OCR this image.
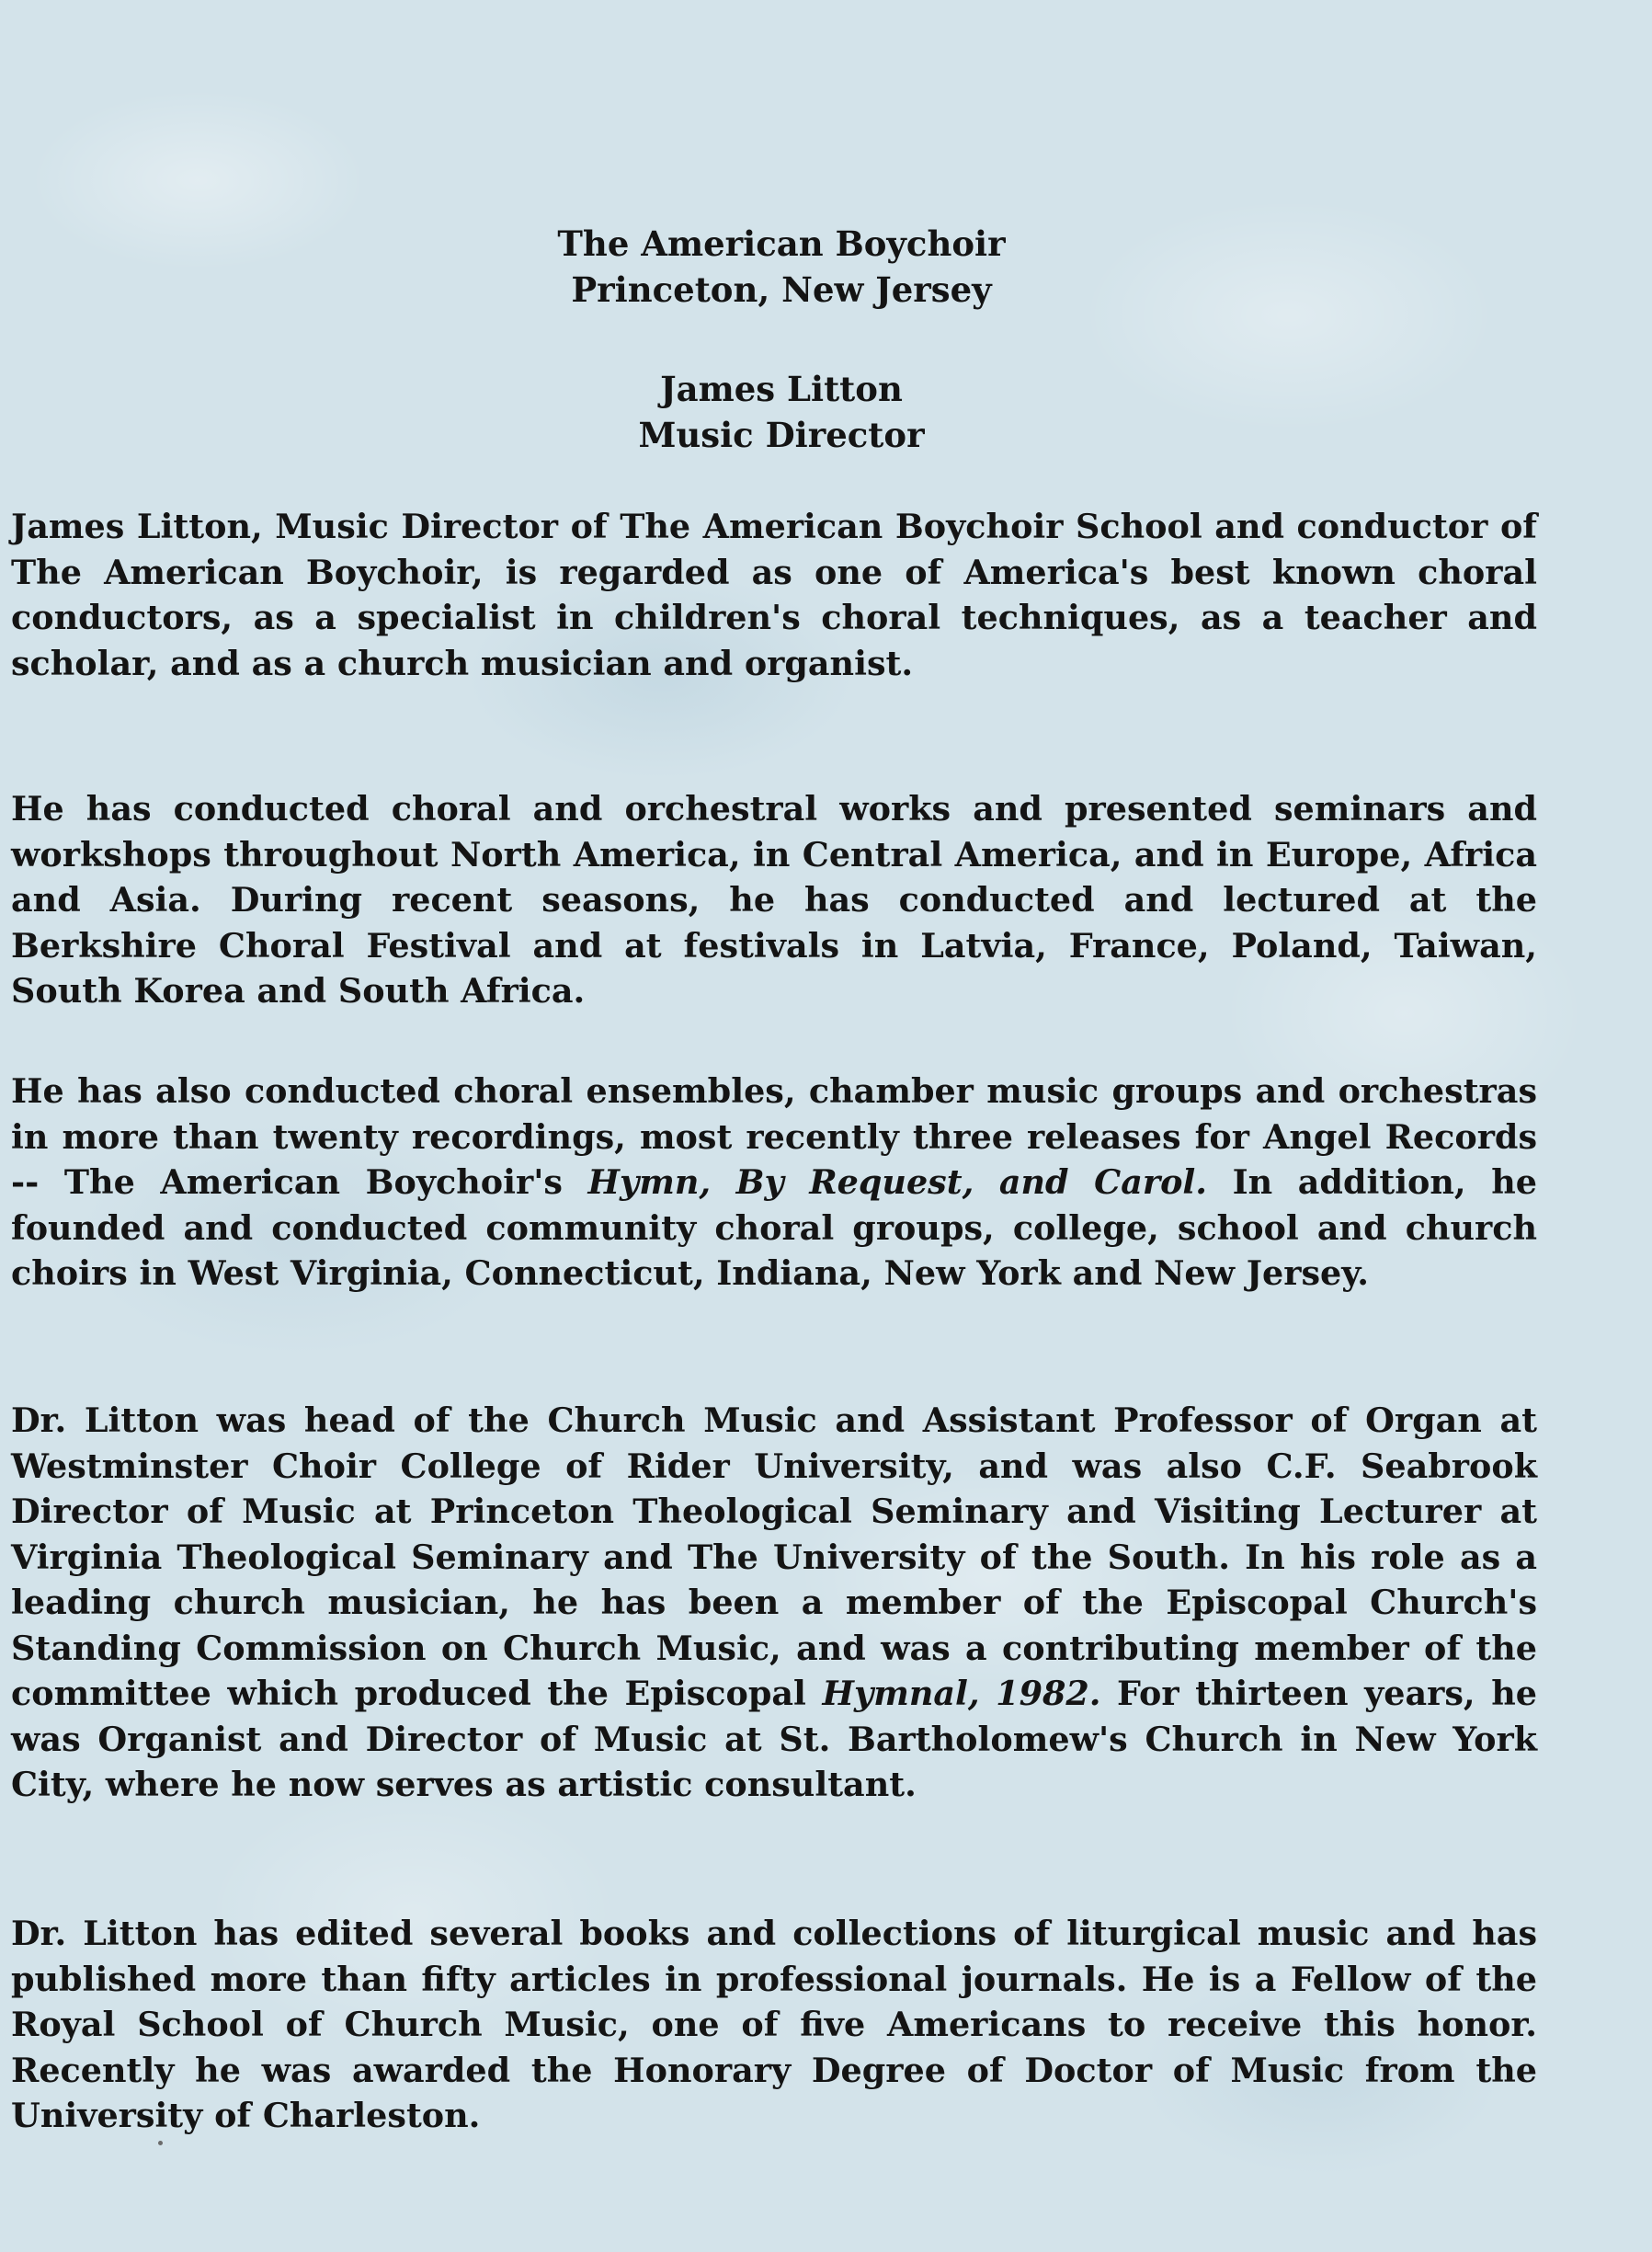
The American Boychoir
Princeton, New Jersey
James Litton
Music Director

James Litton, Music Director of The American Boychoir School and conductor of The American Boychoir, is regarded as one of America's best known choral conductors, as a specialist in children's choral techniques, as a teacher and scholar, and as a church musician and organist.

He has conducted choral and orchestral works and presented seminars and workshops throughout North America, in Central America, and in Europe, Africa and Asia. During recent seasons, he has conducted and lectured at the Berkshire Choral Festival and at festivals in Latvia, France, Poland, Taiwan, South Korea and South Africa.

He has also conducted choral ensembles, chamber music groups and orchestras in more than twenty recordings, most recently three releases for Angel Records -- The American Boychoir's Hymn, By Request, and Carol. In addition, he founded and conducted community choral groups, college, school and church choirs in West Virginia, Connecticut, Indiana, New York and New Jersey.

Dr. Litton was head of the Church Music and Assistant Professor of Organ at Westminster Choir College of Rider University, and was also C.F. Seabrook Director of Music at Princeton Theological Seminary and Visiting Lecturer at Virginia Theological Seminary and The University of the South. In his role as a leading church musician, he has been a member of the Episcopal Church's Standing Commission on Church Music, and was a contributing member of the committee which produced the Episcopal Hymnal, 1982. For thirteen years, he was Organist and Director of Music at St. Bartholomew's Church in New York City, where he now serves as artistic consultant.

Dr. Litton has edited several books and collections of liturgical music and has published more than fifty articles in professional journals. He is a Fellow of the Royal School of Church Music, one of five Americans to receive this honor. Recently he was awarded the Honorary Degree of Doctor of Music from the University of Charleston.
